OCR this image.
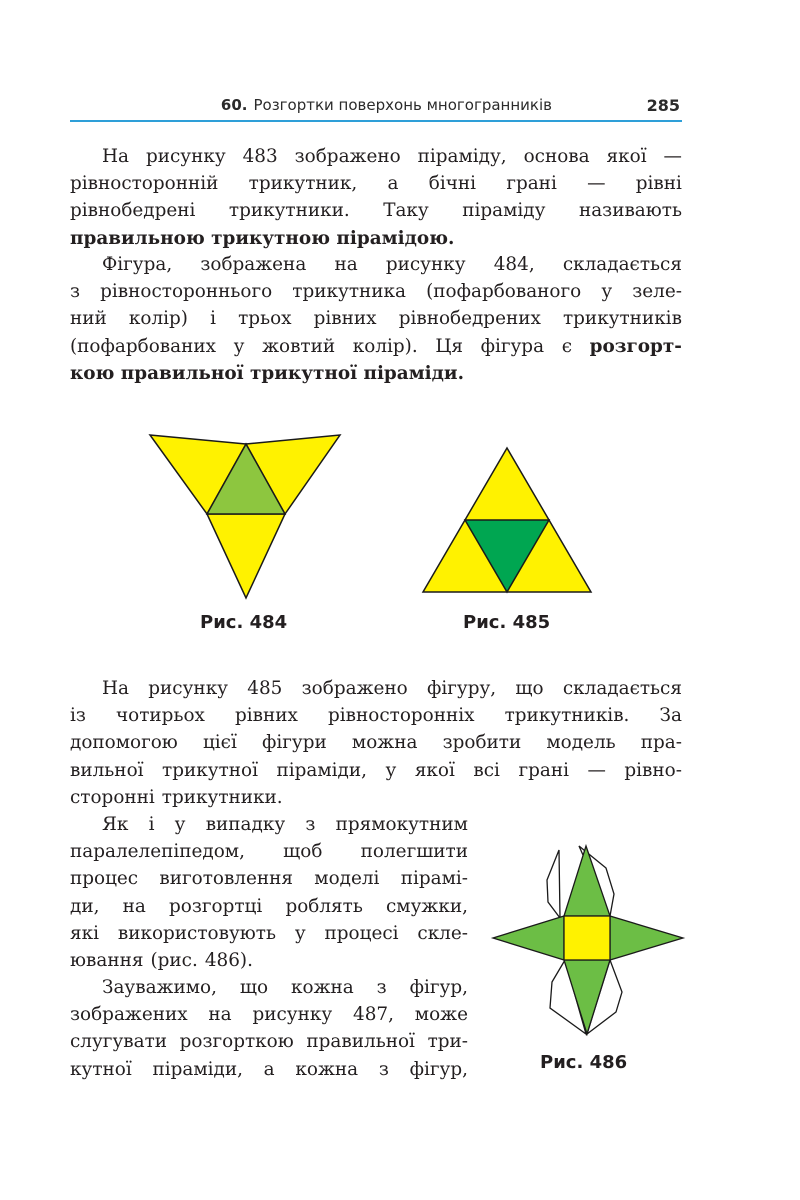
60. Розгортки поверхонь многогранників	285
На рисунку 483 зображено піраміду, основа якої —
рівносторонній трикутник, а бічні грані — рівні
рівнобедрені трикутники. Таку піраміду називають
правильною трикутною пірамідою.
Фігура, зображена на рисунку 484, складається
з рівностороннього трикутника (пофарбованого у зеле-
ний колір) і трьох рівних рівнобедрених трикутників
(пофарбованих у жовтий колір). Ця фігура є розгорт-
кою правильної трикутної піраміди.
Рис. 484	Рис. 485
На рисунку 485 зображено фігуру, що складається
із чотирьох рівних рівносторонніх трикутників. За
допомогою цієї фігури можна зробити модель пра-
вильної трикутної піраміди, у якої всі грані — рівно-
сторонні трикутники.
Як і у випадку з прямокутним
паралелепіпедом, щоб полегшити
процес виготовлення моделі пірамі-
ди, на розгортці роблять смужки,
які використовують у процесі скле-
ювання (рис. 486).
Зауважимо, що кожна з фігур,
зображених на рисунку 487, може
слугувати розгорткою правильної три-
кутної піраміди, а кожна з фігур,	Рис. 486
